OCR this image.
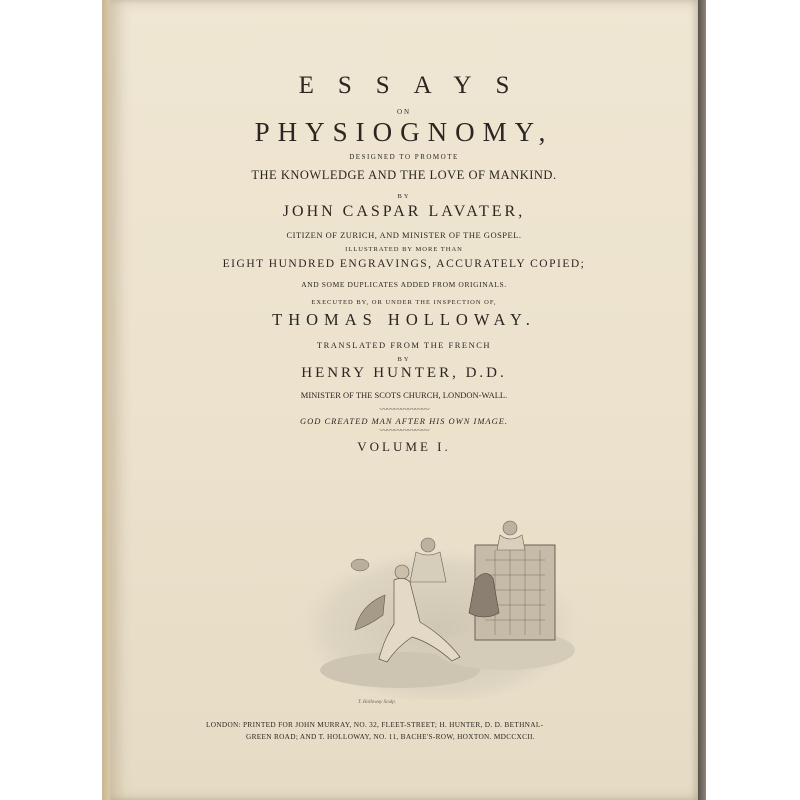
ESSAYS
ON
PHYSIOGNOMY,
DESIGNED TO PROMOTE
THE KNOWLEDGE AND THE LOVE OF MANKIND.
BY
JOHN CASPAR LAVATER,
CITIZEN OF ZURICH, AND MINISTER OF THE GOSPEL.
ILLUSTRATED BY MORE THAN
EIGHT HUNDRED ENGRAVINGS, ACCURATELY COPIED;
AND SOME DUPLICATES ADDED FROM ORIGINALS.
EXECUTED BY, OR UNDER THE INSPECTION OF,
THOMAS HOLLOWAY.
TRANSLATED FROM THE FRENCH
BY
HENRY HUNTER, D.D.
MINISTER OF THE SCOTS CHURCH, LONDON-WALL.
〰〰〰〰〰〰〰
GOD CREATED MAN AFTER HIS OWN IMAGE.
〰〰〰〰〰〰〰
VOLUME I.
T. Holloway Sculp.
LONDON: PRINTED FOR JOHN MURRAY, NO. 32, FLEET-STREET; H. HUNTER, D. D. BETHNAL-
GREEN ROAD; AND T. HOLLOWAY, NO. 11, BACHE'S-ROW, HOXTON. MDCCXCII.
